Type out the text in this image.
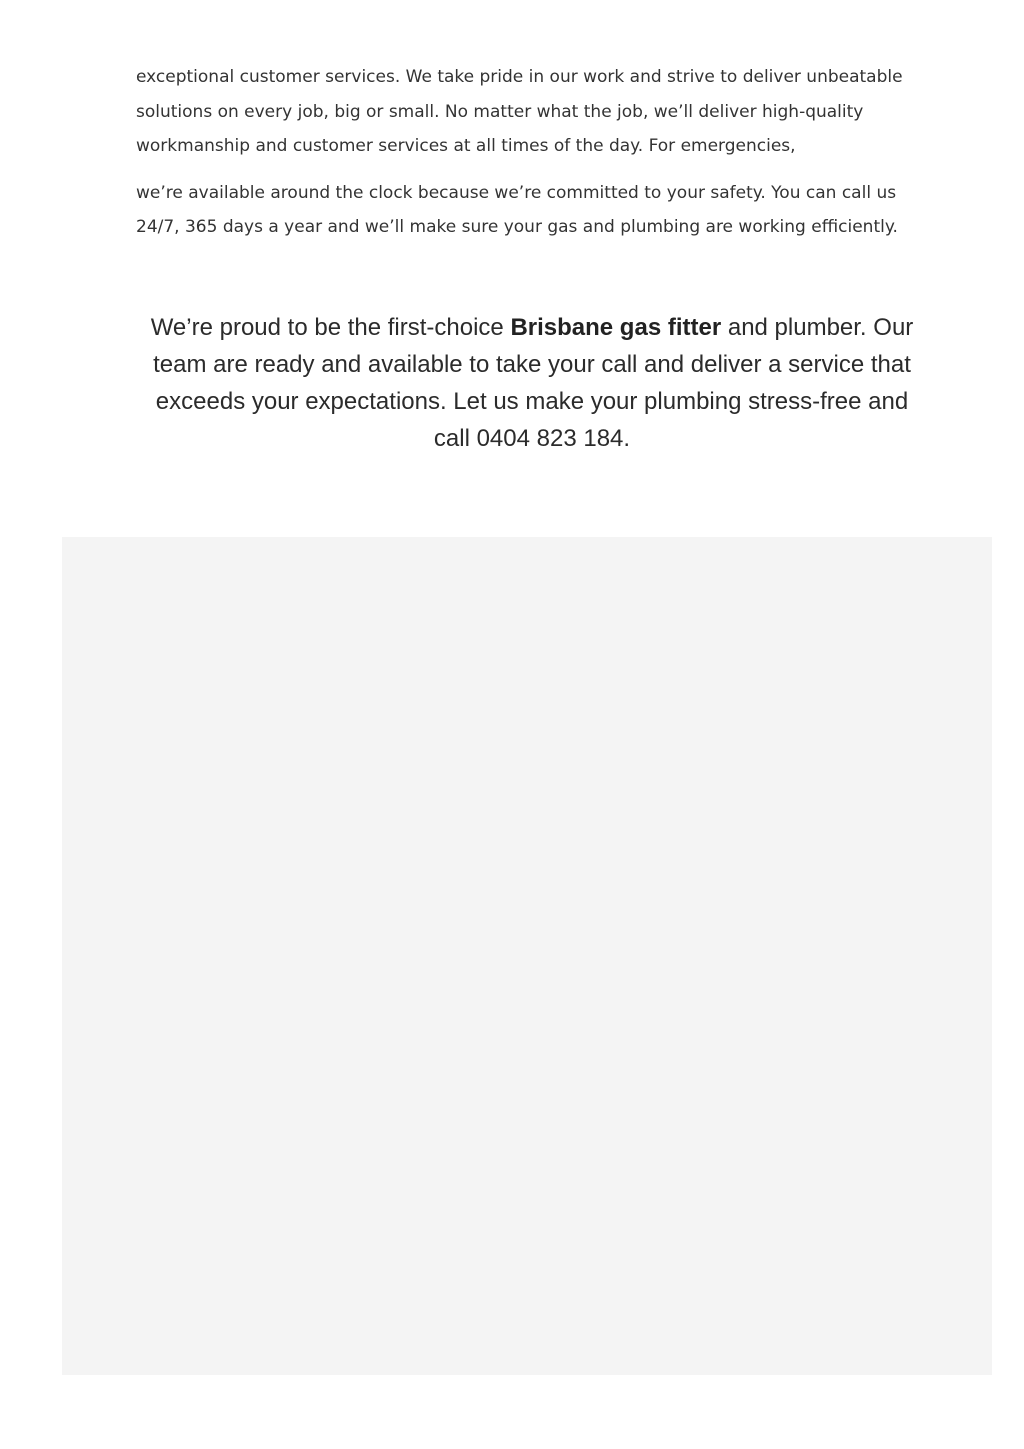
exceptional customer services. We take pride in our work and strive to deliver unbeatable

solutions on every job, big or small. No matter what the job, we’ll deliver high-quality

workmanship and customer services at all times of the day. For emergencies,

we’re available around the clock because we’re committed to your safety. You can call us

24/7, 365 days a year and we’ll make sure your gas and plumbing are working efficiently.

We’re proud to be the first-choice Brisbane gas fitter and plumber. Our team are ready and available to take your call and deliver a service that exceeds your expectations. Let us make your plumbing stress-free and call 0404 823 184.
